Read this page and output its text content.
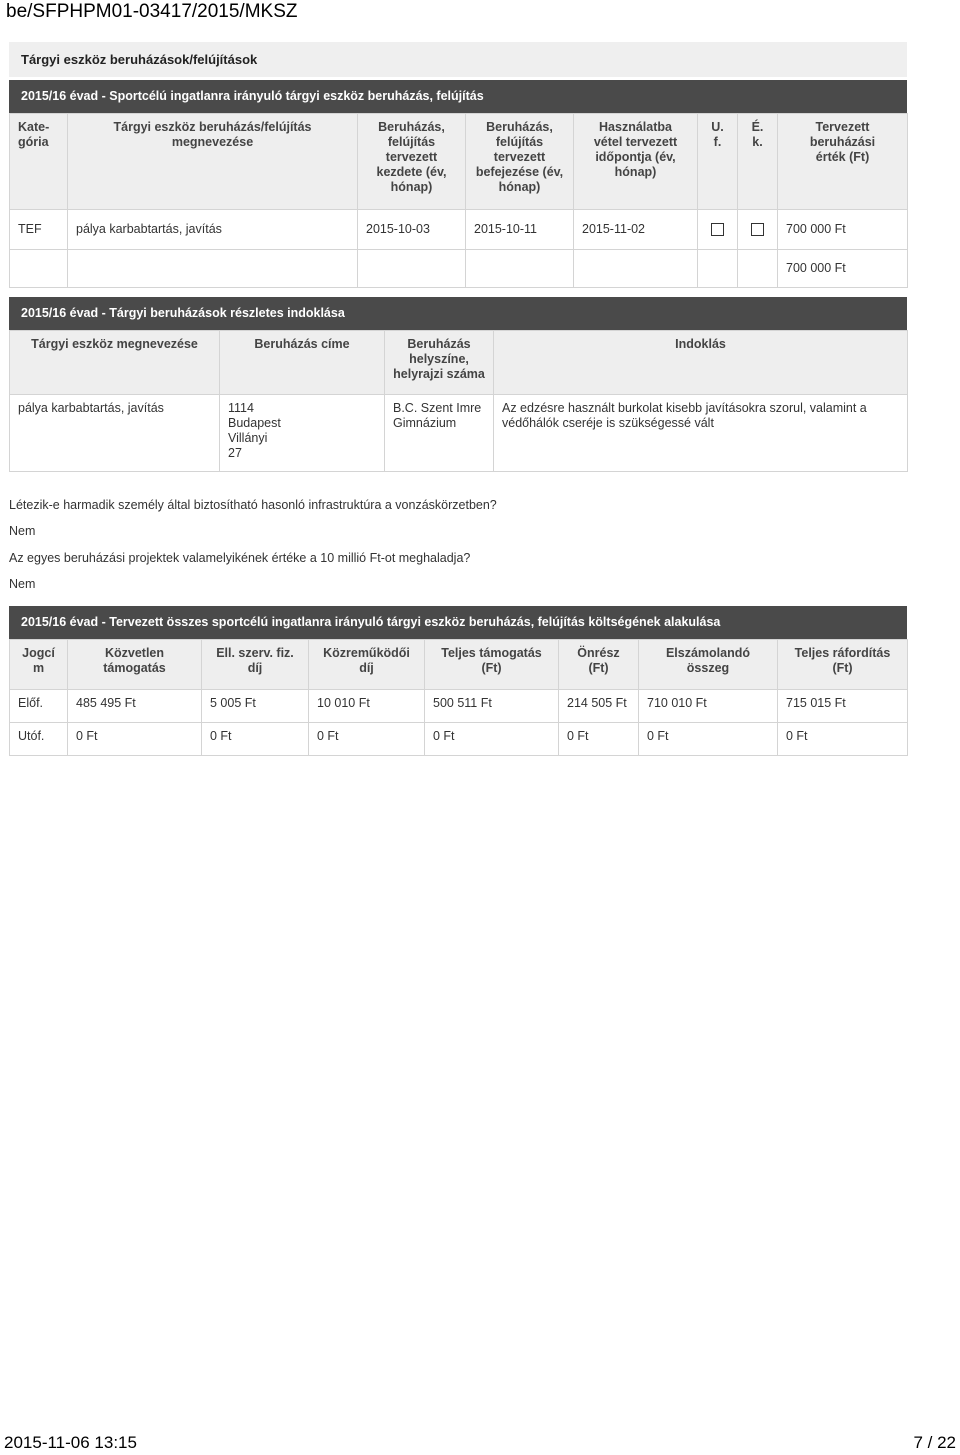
be/SFPHPM01-03417/2015/MKSZ
Tárgyi eszköz beruházások/felújítások
2015/16 évad - Sportcélú ingatlanra irányuló tárgyi eszköz beruházás, felújítás
Kate-
gória	Tárgyi eszköz beruházás/felújítás
megnevezése	Beruházás,
felújítás
tervezett
kezdete (év,
hónap)	Beruházás,
felújítás
tervezett
befejezése (év,
hónap)	Használatba
vétel tervezett
időpontja (év,
hónap)	U.
f.	É.
k.	Tervezett beruházási
érték (Ft)
TEF	pálya karbabtartás, javítás	2015-10-03	2015-10-11	2015-11-02			700 000 Ft
							700 000 Ft
2015/16 évad - Tárgyi beruházások részletes indoklása
Tárgyi eszköz megnevezése	Beruházás címe	Beruházás
helyszíne,
helyrajzi száma	Indoklás
pálya karbabtartás, javítás	1114
Budapest
Villányi
27	B.C. Szent Imre
Gimnázium	Az edzésre használt burkolat kisebb javításokra szorul, valamint a
védőhálók cseréje is szükségessé vált
Létezik-e harmadik személy által biztosítható hasonló infrastruktúra a vonzáskörzetben?
Nem
Az egyes beruházási projektek valamelyikének értéke a 10 millió Ft-ot meghaladja?
Nem
2015/16 évad - Tervezett összes sportcélú ingatlanra irányuló tárgyi eszköz beruházás, felújítás költségének alakulása
Jogcí
m	Közvetlen
támogatás	Ell. szerv. fiz.
díj	Közreműködői
díj	Teljes támogatás
(Ft)	Önrész
(Ft)	Elszámolandó
összeg	Teljes ráfordítás
(Ft)
Előf.	485 495 Ft	5 005 Ft	10 010 Ft	500 511 Ft	214 505 Ft	710 010 Ft	715 015 Ft
Utóf.	0 Ft	0 Ft	0 Ft	0 Ft	0 Ft	0 Ft	0 Ft
2015-11-06 13:15	7 / 22
